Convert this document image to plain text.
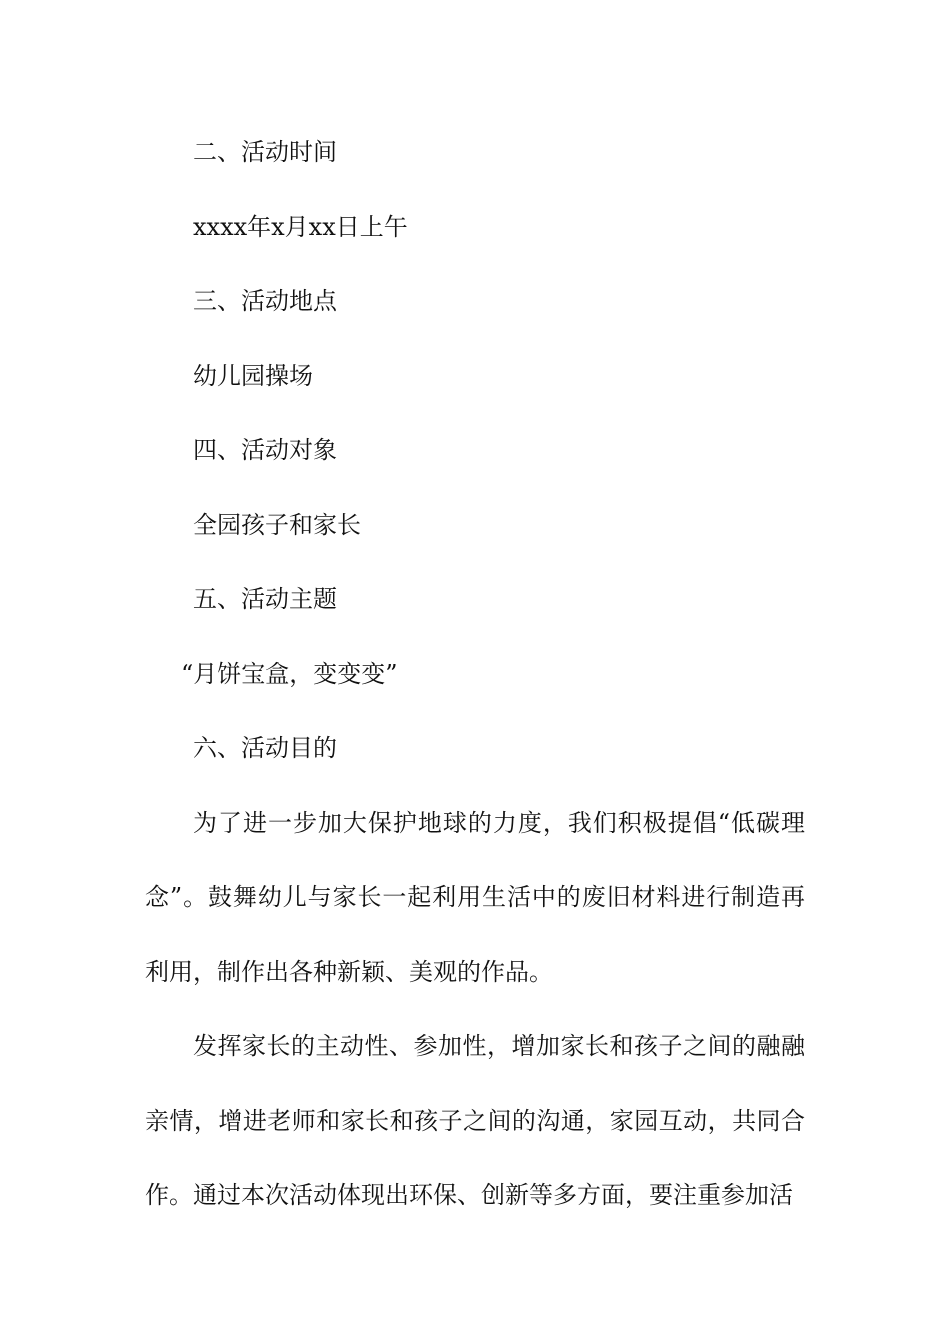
二、活动时间

xxxx年x月xx日上午

三、活动地点

幼儿园操场

四、活动对象

全园孩子和家长

五、活动主题

“月饼宝盒，变变变”

六、活动目的

为了进一步加大保护地球的力度，我们积极提倡“低碳理念”。鼓舞幼儿与家长一起利用生活中的废旧材料进行制造再利用，制作出各种新颖、美观的作品。

发挥家长的主动性、参加性，增加家长和孩子之间的融融亲情，增进老师和家长和孩子之间的沟通，家园互动，共同合作。通过本次活动体现出环保、创新等多方面，要注重参加活
